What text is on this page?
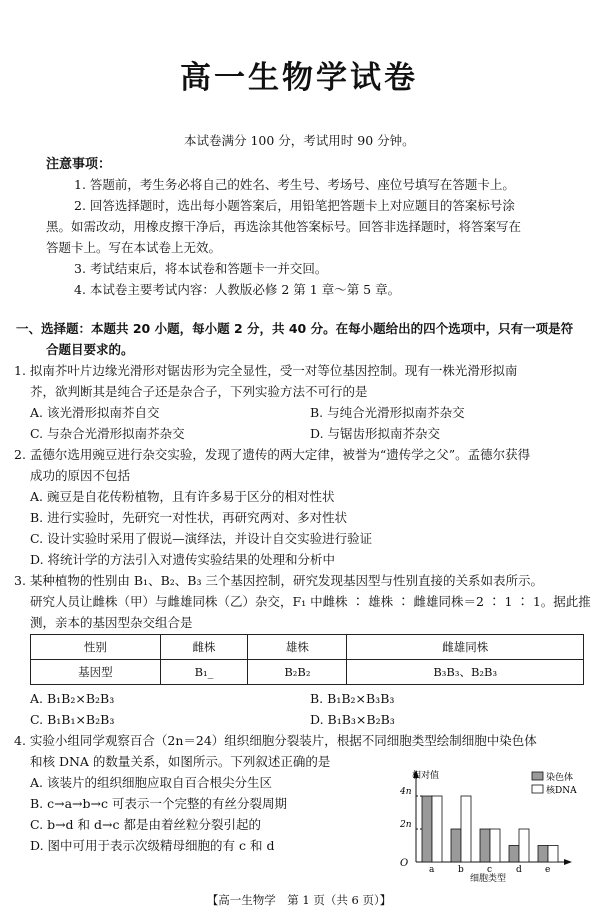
高一生物学试卷
本试卷满分 100 分，考试用时 90 分钟。
注意事项：
1. 答题前，考生务必将自己的姓名、考生号、考场号、座位号填写在答题卡上。
2. 回答选择题时，选出每小题答案后，用铅笔把答题卡上对应题目的答案标号涂
黑。如需改动，用橡皮擦干净后，再选涂其他答案标号。回答非选择题时，将答案写在
答题卡上。写在本试卷上无效。
3. 考试结束后，将本试卷和答题卡一并交回。
4. 本试卷主要考试内容：人教版必修 2 第 1 章～第 5 章。
一、选择题：本题共 20 小题，每小题 2 分，共 40 分。在每小题给出的四个选项中，只有一项是符
合题目要求的。
1. 拟南芥叶片边缘光滑形对锯齿形为完全显性，受一对等位基因控制。现有一株光滑形拟南
芥，欲判断其是纯合子还是杂合子，下列实验方法不可行的是
A. 该光滑形拟南芥自交	B. 与纯合光滑形拟南芥杂交
C. 与杂合光滑形拟南芥杂交	D. 与锯齿形拟南芥杂交
2. 孟德尔选用豌豆进行杂交实验，发现了遗传的两大定律，被誉为“遗传学之父”。孟德尔获得
成功的原因不包括
A. 豌豆是自花传粉植物，且有许多易于区分的相对性状
B. 进行实验时，先研究一对性状，再研究两对、多对性状
C. 设计实验时采用了假说—演绎法，并设计自交实验进行验证
D. 将统计学的方法引入对遗传实验结果的处理和分析中
3. 某种植物的性别由 B₁、B₂、B₃ 三个基因控制，研究发现基因型与性别直接的关系如表所示。
研究人员让雌株（甲）与雌雄同株（乙）杂交，F₁ 中雌株 ∶ 雄株 ∶ 雌雄同株＝2 ∶ 1 ∶ 1。据此推
测，亲本的基因型杂交组合是
性别	雌株	雄株	雌雄同株
基因型	B₁_	B₂B₂	B₃B₃、B₂B₃
A. B₁B₂×B₂B₃	B. B₁B₂×B₃B₃
C. B₁B₁×B₂B₃	D. B₁B₃×B₂B₃
4. 实验小组同学观察百合（2n＝24）组织细胞分裂装片，根据不同细胞类型绘制细胞中染色体
和核 DNA 的数量关系，如图所示。下列叙述正确的是
A. 该装片的组织细胞应取自百合根尖分生区
B. c→a→b→c 可表示一个完整的有丝分裂周期
C. b→d 和 d→c 都是由着丝粒分裂引起的
D. 图中可用于表示次级精母细胞的有 c 和 d
相对值
O
2n
4n
细胞类型
染色体
核DNA
a	b	c	d	e
【高一生物学　第 1 页（共 6 页）】
